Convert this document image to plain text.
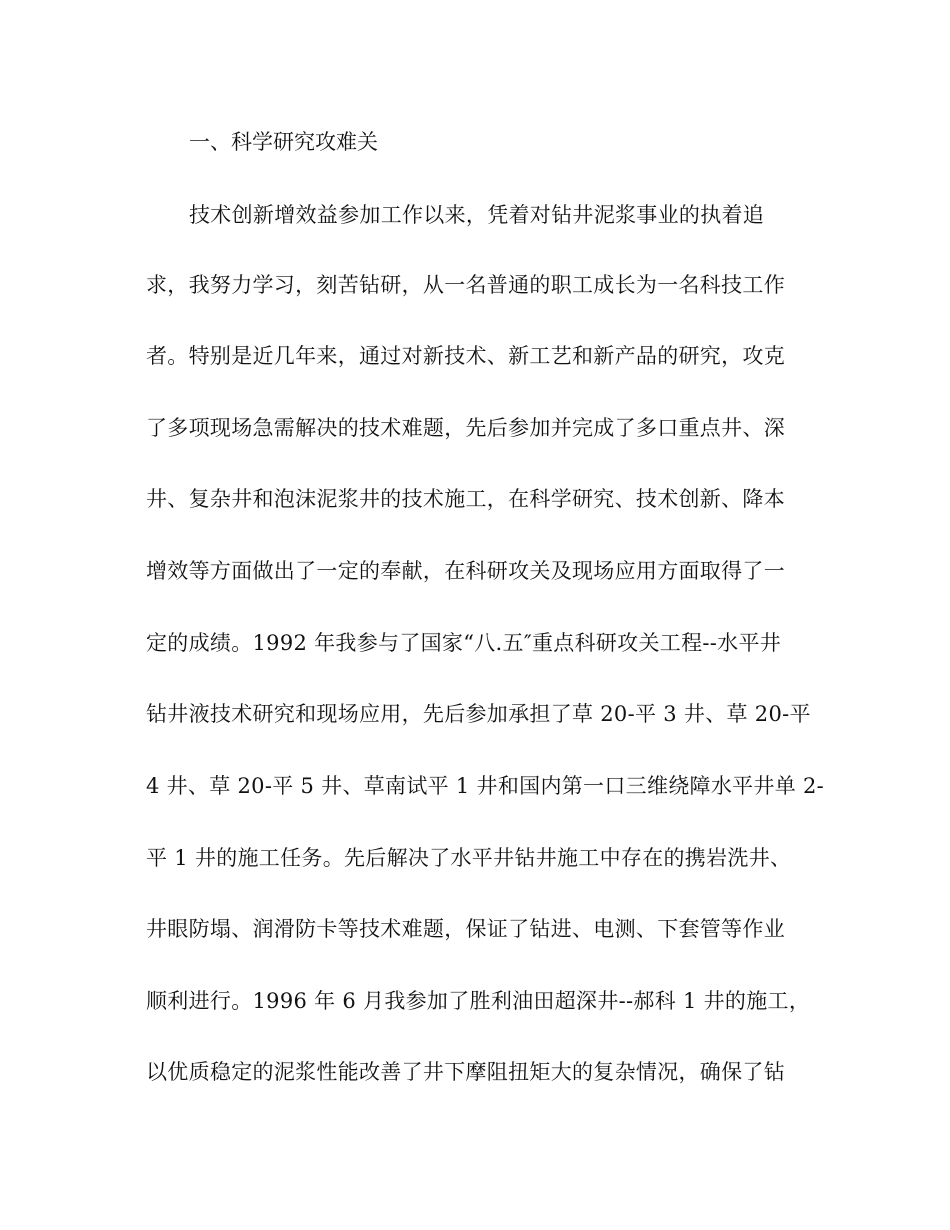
一、科学研究攻难关
技术创新增效益参加工作以来，凭着对钻井泥浆事业的执着追
求，我努力学习，刻苦钻研，从一名普通的职工成长为一名科技工作
者。特别是近几年来，通过对新技术、新工艺和新产品的研究，攻克
了多项现场急需解决的技术难题，先后参加并完成了多口重点井、深
井、复杂井和泡沫泥浆井的技术施工，在科学研究、技术创新、降本
增效等方面做出了一定的奉献，在科研攻关及现场应用方面取得了一
定的成绩。1992 年我参与了国家“八.五″重点科研攻关工程--水平井
钻井液技术研究和现场应用，先后参加承担了草 20-平 3 井、草 20-平
4 井、草 20-平 5 井、草南试平 1 井和国内第一口三维绕障水平井单 2-
平 1 井的施工任务。先后解决了水平井钻井施工中存在的携岩洗井、
井眼防塌、润滑防卡等技术难题，保证了钻进、电测、下套管等作业
顺利进行。1996 年 6 月我参加了胜利油田超深井--郝科 1 井的施工，
以优质稳定的泥浆性能改善了井下摩阻扭矩大的复杂情况，确保了钻
